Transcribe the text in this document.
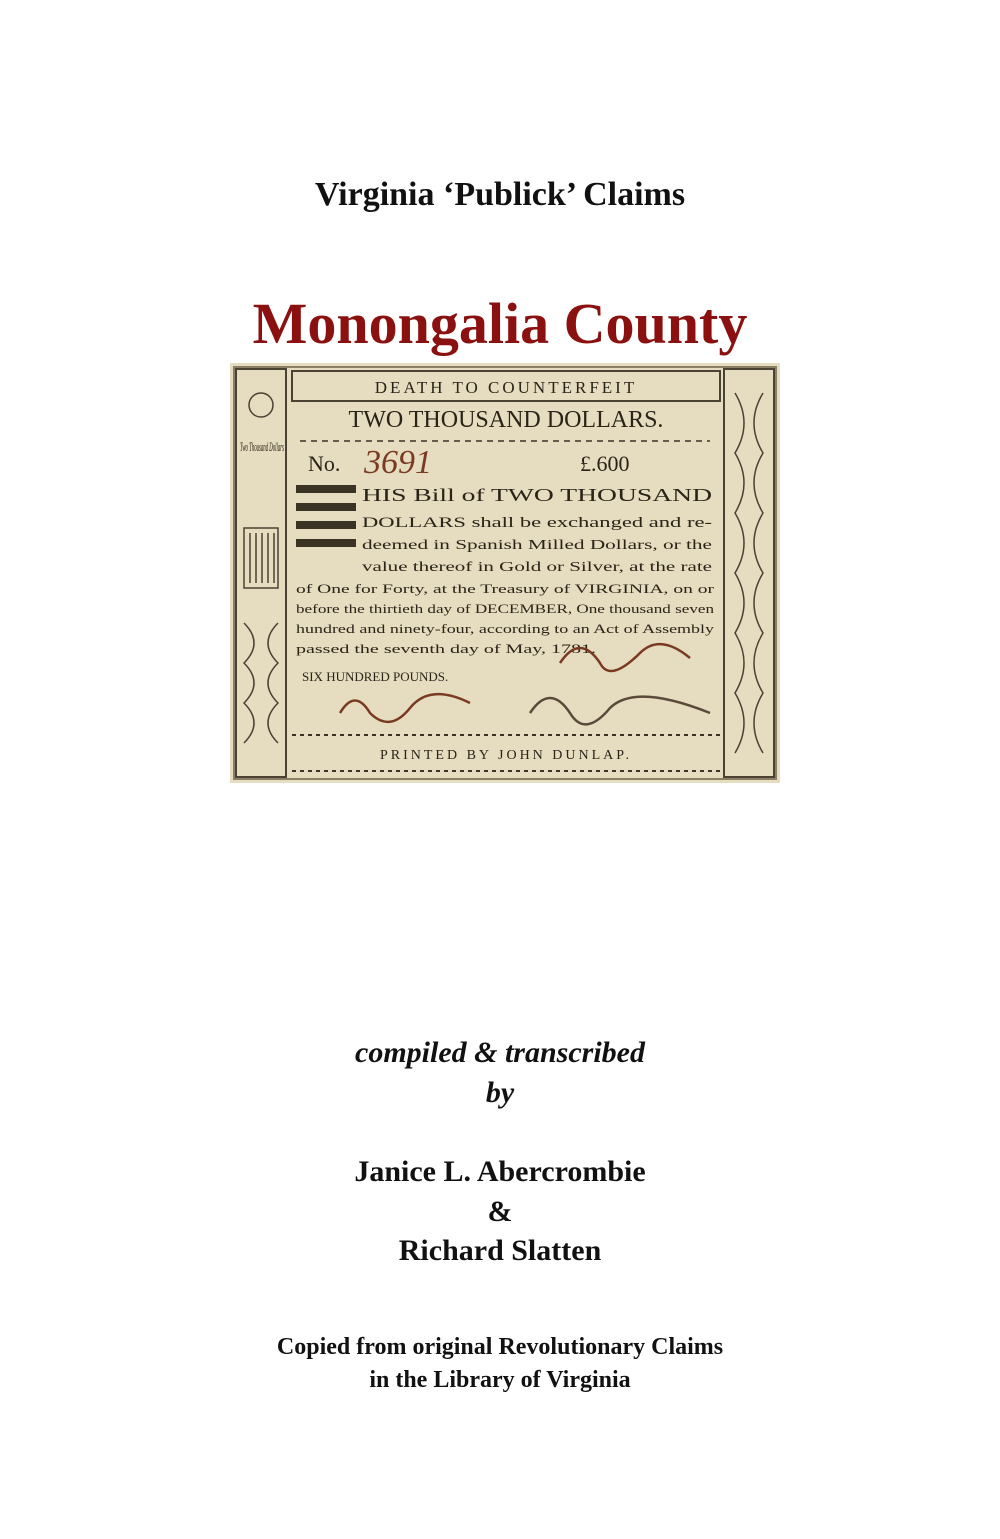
Virginia ‘Publick’ Claims
Monongalia County
Two Thousand Dollars
DEATH TO COUNTERFEIT
TWO THOUSAND DOLLARS.
No. 3691	£.600
HIS Bill of TWO THOUSAND
DOLLARS shall be exchanged and re-
deemed in Spanish Milled Dollars, or the
value thereof in Gold or Silver, at the rate
of One for Forty, at the Treasury of VIRGINIA, on or
before the thirtieth day of DECEMBER, One thousand seven
hundred and ninety-four, according to an Act of Assembly
passed the seventh day of May, 1781.
SIX HUNDRED POUNDS.
PRINTED BY JOHN DUNLAP.
compiled & transcribed
by
Janice L. Abercrombie
&
Richard Slatten
Copied from original Revolutionary Claims
in the Library of Virginia
